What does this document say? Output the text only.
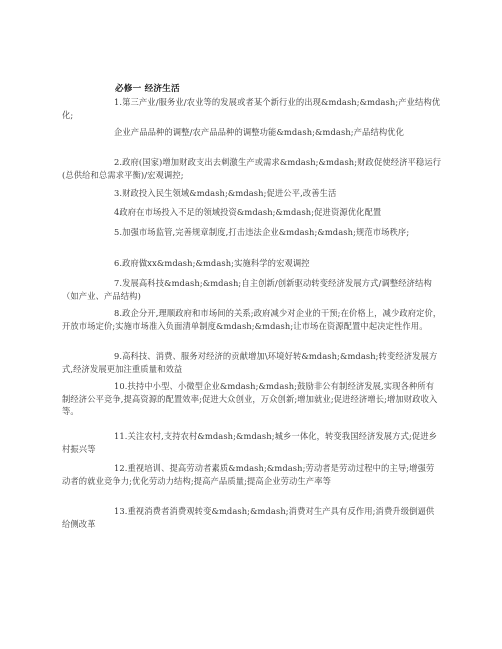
必修一 经济生活

1.第三产业/服务业/农业等的发展或者某个新行业的出现&mdash;&mdash;产业结构优化;

企业产品品种的调整/农产品品种的调整功能&mdash;&mdash;产品结构优化

2.政府(国家)增加财政支出去刺激生产或需求&mdash;&mdash;财政促使经济平稳运行(总供给和总需求平衡)/宏观调控;

3.财政投入民生领域&mdash;&mdash;促进公平,改善生活

4政府在市场投入不足的领域投资&mdash;&mdash;促进资源优化配置

5.加强市场监管,完善规章制度,打击违法企业&mdash;&mdash;规范市场秩序;

6.政府做xx&mdash;&mdash;实施科学的宏观调控

7.发展高科技&mdash;&mdash;自主创新/创新驱动转变经济发展方式/调整经济结构（如产业、产品结构)

8.政企分开,理顺政府和市场间的关系;政府减少对企业的干预;在价格上，减少政府定价，开放市场定价;实施市场准入负面清单制度&mdash;&mdash;让市场在资源配置中起决定性作用。

9.高科技、消费、服务对经济的贡献增加\环境好转&mdash;&mdash;转变经济发展方式,经济发展更加注重质量和效益

10.扶持中小型、小微型企业&mdash;&mdash;鼓励非公有制经济发展,实现各种所有制经济公平竞争,提高资源的配置效率;促进大众创业，万众创新;增加就业;促进经济增长;增加财政收入等。

11.关注农村,支持农村&mdash;&mdash;城乡一体化，转变我国经济发展方式;促进乡村振兴等

12.重视培训、提高劳动者素质&mdash;&mdash;劳动者是劳动过程中的主导;增强劳动者的就业竞争力;优化劳动力结构;提高产品质量;提高企业劳动生产率等

13.重视消费者消费观转变&mdash;&mdash;消费对生产具有反作用;消费升级倒逼供给侧改革
